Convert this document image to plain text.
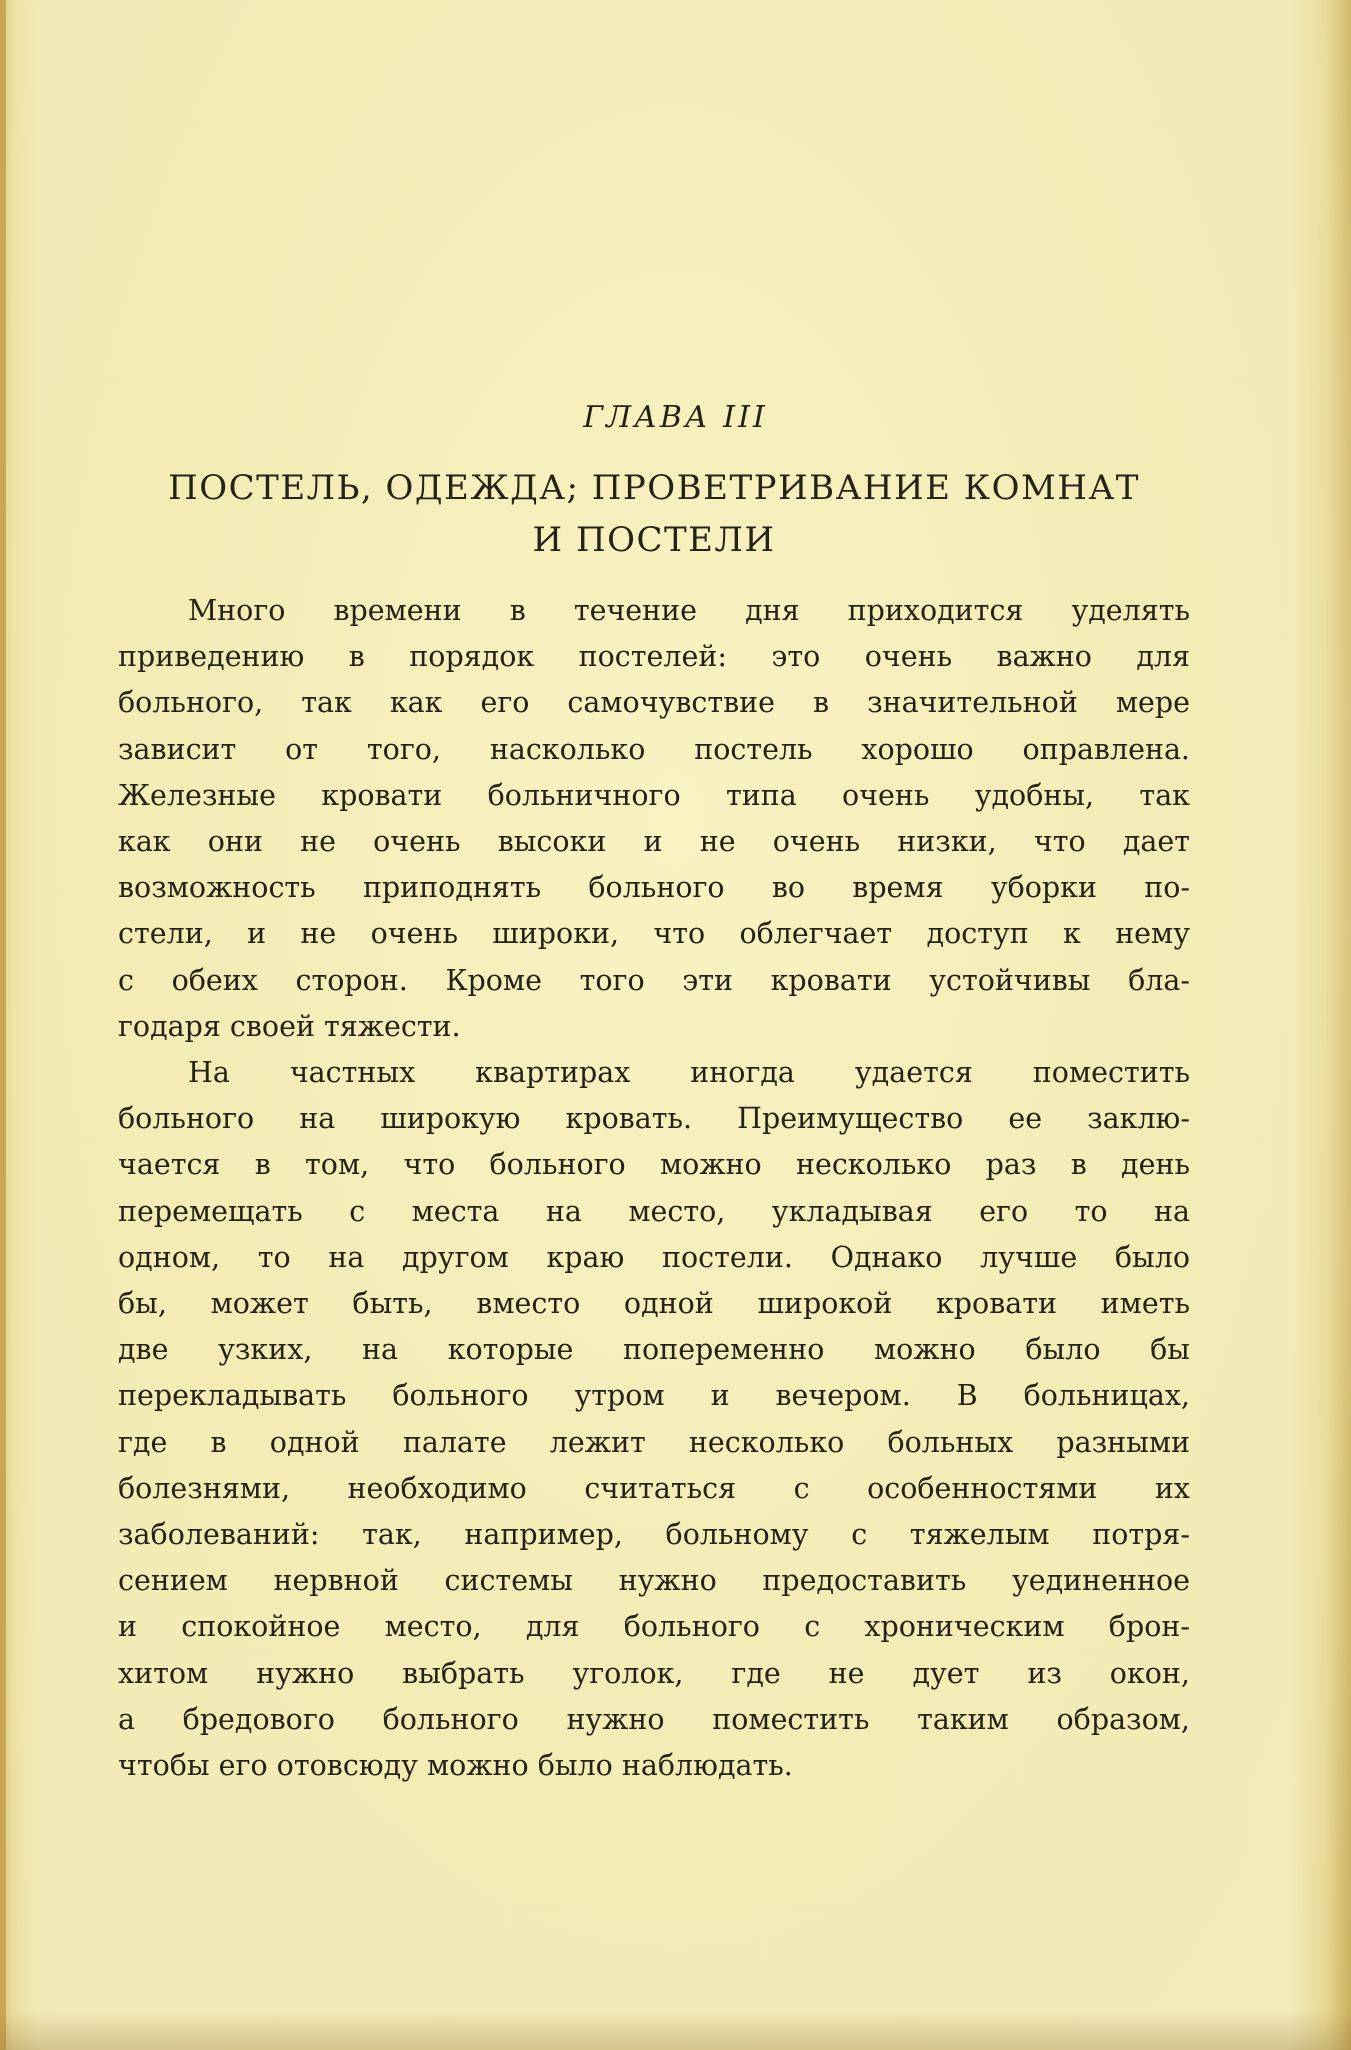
ГЛАВА III
ПОСТЕЛЬ, ОДЕЖДА; ПРОВЕТРИВАНИЕ КОМНАТ
И ПОСТЕЛИ
Много времени в течение дня приходится уделять
приведению в порядок постелей: это очень важно для
больного, так как его самочувствие в значительной мере
зависит от того, насколько постель хорошо оправлена.
Железные кровати больничного типа очень удобны, так
как они не очень высоки и не очень низки, что дает
возможность приподнять больного во время уборки по-
стели, и не очень широки, что облегчает доступ к нему
с обеих сторон. Кроме того эти кровати устойчивы бла-
годаря своей тяжести.
На частных квартирах иногда удается поместить
больного на широкую кровать. Преимущество ее заклю-
чается в том, что больного можно несколько раз в день
перемещать с места на место, укладывая его то на
одном, то на другом краю постели. Однако лучше было
бы, может быть, вместо одной широкой кровати иметь
две узких, на которые попеременно можно было бы
перекладывать больного утром и вечером. В больницах,
где в одной палате лежит несколько больных разными
болезнями, необходимо считаться с особенностями их
заболеваний: так, например, больному с тяжелым потря-
сением нервной системы нужно предоставить уединенное
и спокойное место, для больного с хроническим брон-
хитом нужно выбрать уголок, где не дует из окон,
а бредового больного нужно поместить таким образом,
чтобы его отовсюду можно было наблюдать.
